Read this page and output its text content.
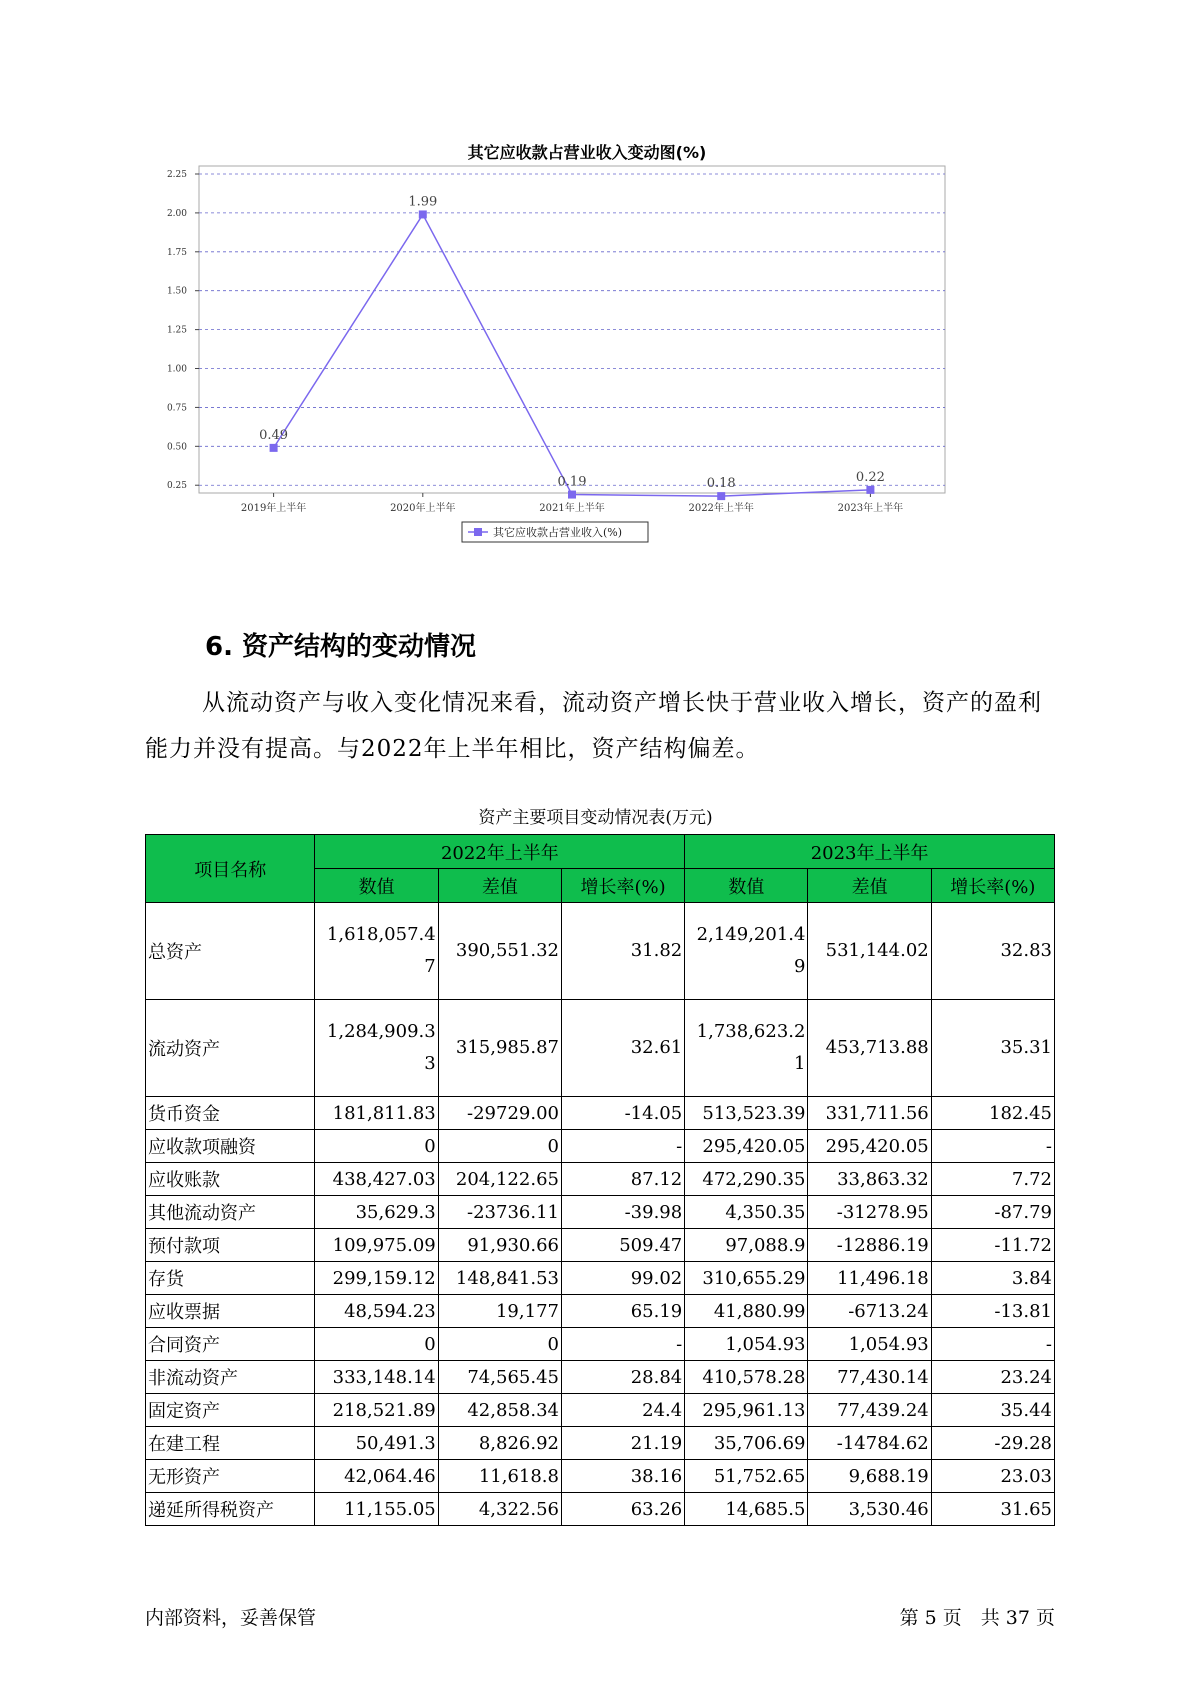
其它应收款占营业收入变动图(%)
0.25
0.50
0.75
1.00
1.25
1.50
1.75
2.00
2.25
2019年上半年	2020年上半年	2021年上半年	2022年上半年	2023年上半年
0.49
1.99
0.19	0.18	0.22
其它应收款占营业收入(%)
6. 资产结构的变动情况
从流动资产与收入变化情况来看，流动资产增长快于营业收入增长，资产的盈利能力并没有提高。与2022年上半年相比，资产结构偏差。
资产主要项目变动情况表(万元)
项目名称	2022年上半年			2023年上半年		
	数值	差值	增长率(%)	数值	差值	增长率(%)
总资产	1,618,057.47	390,551.32	31.82	2,149,201.49	531,144.02	32.83

流动资产	1,284,909.33	315,985.87	32.61	1,738,623.21	453,713.88	35.31

货币资金	181,811.83	-29729.00	-14.05	513,523.39	331,711.56	182.45

应收款项融资	0	0	-	295,420.05	295,420.05	-

应收账款	438,427.03	204,122.65	87.12	472,290.35	33,863.32	7.72

其他流动资产	35,629.3	-23736.11	-39.98	4,350.35	-31278.95	-87.79

预付款项	109,975.09	91,930.66	509.47	97,088.9	-12886.19	-11.72

存货	299,159.12	148,841.53	99.02	310,655.29	11,496.18	3.84

应收票据	48,594.23	19,177	65.19	41,880.99	-6713.24	-13.81

合同资产	0	0	-	1,054.93	1,054.93	-

非流动资产	333,148.14	74,565.45	28.84	410,578.28	77,430.14	23.24

固定资产	218,521.89	42,858.34	24.4	295,961.13	77,439.24	35.44

在建工程	50,491.3	8,826.92	21.19	35,706.69	-14784.62	-29.28

无形资产	42,064.46	11,618.8	38.16	51,752.65	9,688.19	23.03

递延所得税资产	11,155.05	4,322.56	63.26	14,685.5	3,530.46	31.65
内部资料，妥善保管	第 5 页　共 37 页
